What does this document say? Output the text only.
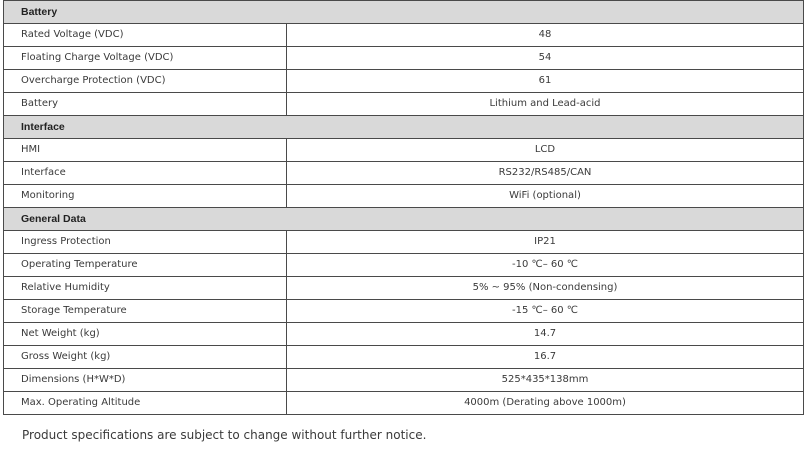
Battery	
Rated Voltage (VDC)	48
Floating Charge Voltage (VDC)	54
Overcharge Protection (VDC)	61
Battery	Lithium and Lead-acid
Interface	
HMI	LCD
Interface	RS232/RS485/CAN
Monitoring	WiFi (optional)
General Data	
Ingress Protection	IP21
Operating Temperature	-10 ℃– 60 ℃
Relative Humidity	5% ~ 95% (Non-condensing)
Storage Temperature	-15 ℃– 60 ℃
Net Weight (kg)	14.7
Gross Weight (kg)	16.7
Dimensions (H*W*D)	525*435*138mm
Max. Operating Altitude	4000m (Derating above 1000m)
Product specifications are subject to change without further notice.
